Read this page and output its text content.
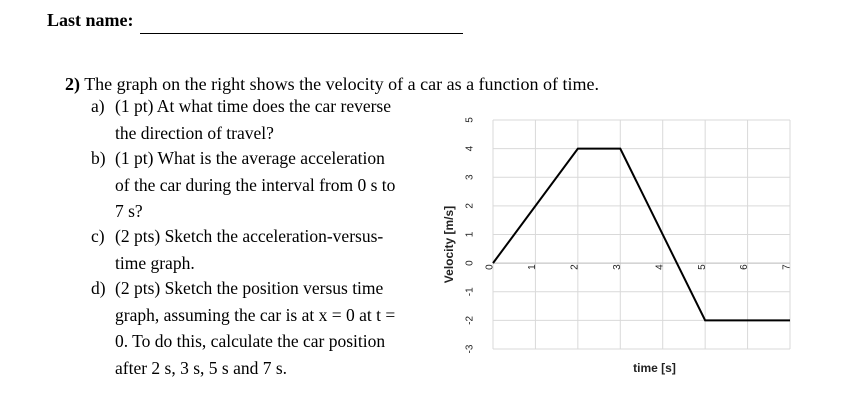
Last name:
2) The graph on the right shows the velocity of a car as a function of time.
a) (1 pt) At what time does the car reverse

the direction of travel?

b) (1 pt) What is the average acceleration

of the car during the interval from 0 s to

7 s?

c) (2 pts) Sketch the acceleration-versus-

time graph.

d) (2 pts) Sketch the position versus time

graph, assuming the car is at x = 0 at t =

0. To do this, calculate the car position

after 2 s, 3 s, 5 s and 7 s.

5
4
3
2
1
0
-1
-2
-3
0	1	2	3	4	5	6	7
Velocity [m/s]
time [s]
